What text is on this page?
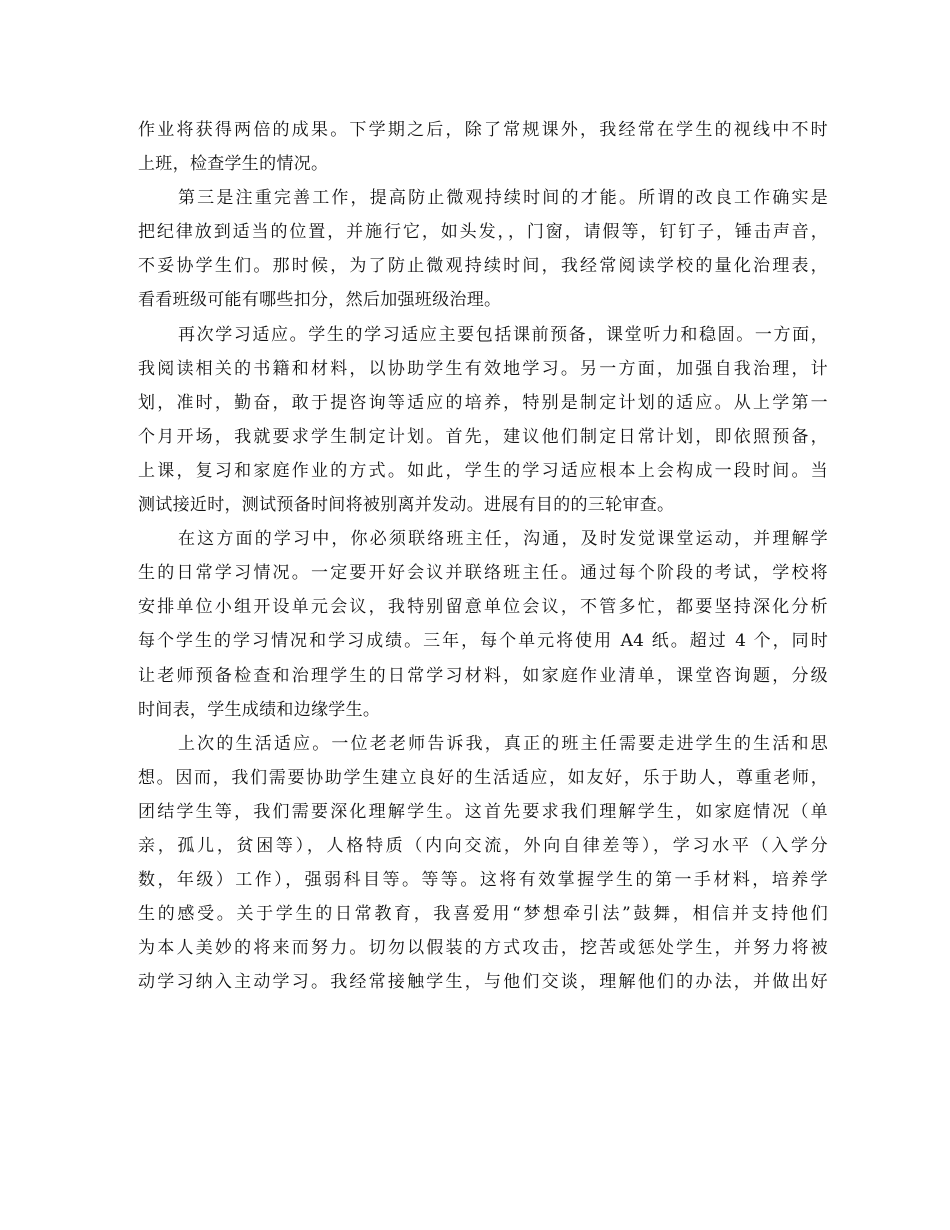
作业将获得两倍的成果。下学期之后，除了常规课外，我经常在学生的视线中不时
上班，检查学生的情况。
第三是注重完善工作，提高防止微观持续时间的才能。所谓的改良工作确实是
把纪律放到适当的位置，并施行它，如头发，，门窗，请假等，钉钉子，锤击声音，
不妥协学生们。那时候，为了防止微观持续时间，我经常阅读学校的量化治理表，
看看班级可能有哪些扣分，然后加强班级治理。
再次学习适应。学生的学习适应主要包括课前预备，课堂听力和稳固。一方面，
我阅读相关的书籍和材料，以协助学生有效地学习。另一方面，加强自我治理，计
划，准时，勤奋，敢于提咨询等适应的培养，特别是制定计划的适应。从上学第一
个月开场，我就要求学生制定计划。首先，建议他们制定日常计划，即依照预备，
上课，复习和家庭作业的方式。如此，学生的学习适应根本上会构成一段时间。当
测试接近时，测试预备时间将被别离并发动。进展有目的的三轮审查。
在这方面的学习中，你必须联络班主任，沟通，及时发觉课堂运动，并理解学
生的日常学习情况。一定要开好会议并联络班主任。通过每个阶段的考试，学校将
安排单位小组开设单元会议，我特别留意单位会议，不管多忙，都要坚持深化分析
每个学生的学习情况和学习成绩。三年，每个单元将使用 A4 纸。超过 4 个，同时
让老师预备检查和治理学生的日常学习材料，如家庭作业清单，课堂咨询题，分级
时间表，学生成绩和边缘学生。
上次的生活适应。一位老老师告诉我，真正的班主任需要走进学生的生活和思
想。因而，我们需要协助学生建立良好的生活适应，如友好，乐于助人，尊重老师，
团结学生等，我们需要深化理解学生。这首先要求我们理解学生，如家庭情况（单
亲，孤儿，贫困等），人格特质（内向交流，外向自律差等），学习水平（入学分
数，年级）工作），强弱科目等。等等。这将有效掌握学生的第一手材料，培养学
生的感受。关于学生的日常教育，我喜爱用“梦想牵引法”鼓舞，相信并支持他们
为本人美妙的将来而努力。切勿以假装的方式攻击，挖苦或惩处学生，并努力将被
动学习纳入主动学习。我经常接触学生，与他们交谈，理解他们的办法，并做出好
